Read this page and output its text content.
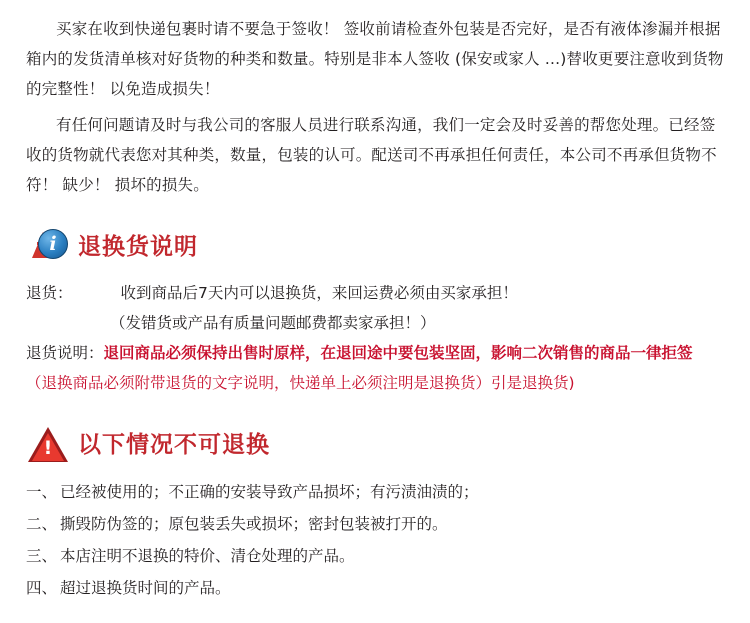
买家在收到快递包裹时请不要急于签收！ 签收前请检查外包装是否完好，是否有液体渗漏并根据箱内的发货清单核对好货物的种类和数量。特别是非本人签收 (保安或家人 ...)替收更要注意收到货物的完整性！ 以免造成损失！

有任何问题请及时与我公司的客服人员进行联系沟通，我们一定会及时妥善的帮您处理。已经签收的货物就代表您对其种类，数量，包装的认可。配送司不再承担任何责任，本公司不再承但货物不符！ 缺少！ 损坏的损失。

i 退换货说明
退货：	收到商品后7天内可以退换货，来回运费必须由买家承担！
（发错货或产品有质量问题邮费都卖家承担！）
退货说明：退回商品必须保持出售时原样，在退回途中要包装坚固，影响二次销售的商品一律拒签
（退换商品必须附带退货的文字说明，快递单上必须注明是退换货）引是退换货)
!	以下情况不可退换
一、 已经被使用的；不正确的安装导致产品损坏；有污渍油渍的；
二、 撕毁防伪签的；原包装丢失或损坏；密封包装被打开的。
三、 本店注明不退换的特价、清仓处理的产品。
四、 超过退换货时间的产品。
